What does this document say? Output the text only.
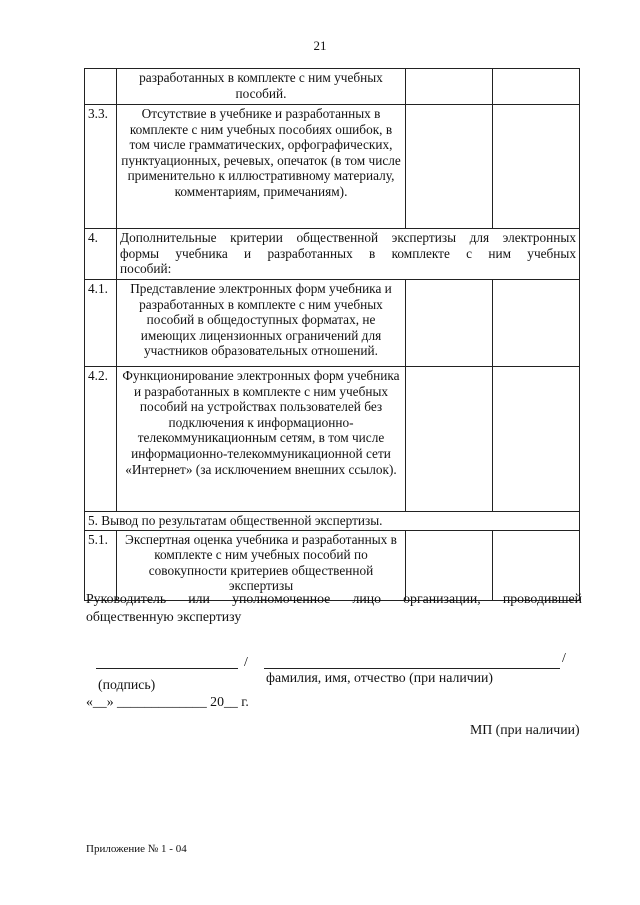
21
	разработанных в комплекте с ним учебных пособий.		
3.3.	Отсутствие в учебнике и разработанных в комплекте с ним учебных пособиях ошибок, в том числе грамматических, орфографических, пунктуационных, речевых, опечаток (в том числе применительно к иллюстративному материалу, комментариям, примечаниям).		
4.	Дополнительные критерии общественной экспертизы для электронных
формы учебника и разработанных в комплекте с ним учебных
пособий:		

4.1.	Представление электронных форм учебника и разработанных в комплекте с ним учебных пособий в общедоступных форматах, не имеющих лицензионных ограничений для участников образовательных отношений.		
4.2.	Функционирование электронных форм учебника и разработанных в комплекте с ним учебных пособий на устройствах пользователей без подключения к информационно-телекоммуникационным сетям, в том числе информационно-телекоммуникационной сети «Интернет» (за исключением внешних ссылок).		
5. Вывод по результатам общественной экспертизы.			
5.1.	Экспертная оценка учебника и разработанных в комплекте с ним учебных пособий по совокупности критериев общественной экспертизы		
Руководитель или уполномоченное лицо организации, проводившей
общественную экспертизу
/	/
(подпись)	фамилия, имя, отчество (при наличии)
«__» _____________ 20__ г.
МП (при наличии)
Приложение № 1 - 04
